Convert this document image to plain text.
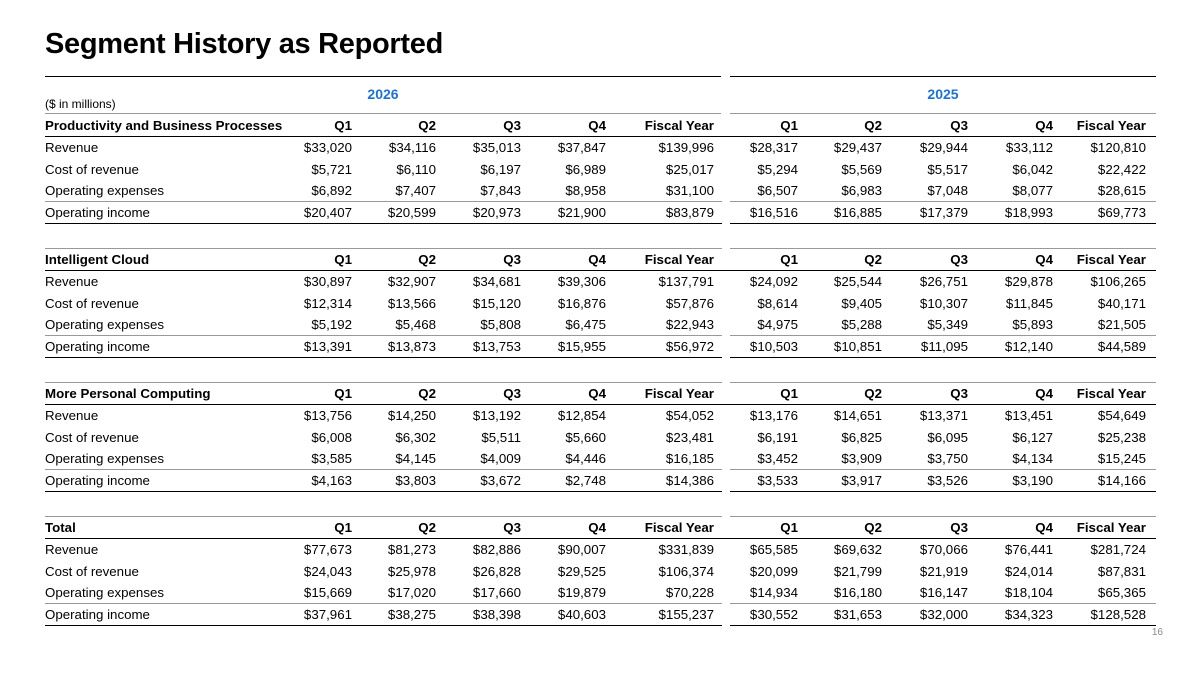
Segment History as Reported
($ in millions)
2026	2025
Productivity and Business Processes	Q1	Q2	Q3	Q4	Fiscal Year	Q1	Q2	Q3	Q4	Fiscal Year
Revenue	$33,020	$34,116	$35,013	$37,847	$139,996	$28,317	$29,437	$29,944	$33,112	$120,810
Cost of revenue	$5,721	$6,110	$6,197	$6,989	$25,017	$5,294	$5,569	$5,517	$6,042	$22,422
Operating expenses	$6,892	$7,407	$7,843	$8,958	$31,100	$6,507	$6,983	$7,048	$8,077	$28,615
Operating income	$20,407	$20,599	$20,973	$21,900	$83,879	$16,516	$16,885	$17,379	$18,993	$69,773
Intelligent Cloud	Q1	Q2	Q3	Q4	Fiscal Year	Q1	Q2	Q3	Q4	Fiscal Year
Revenue	$30,897	$32,907	$34,681	$39,306	$137,791	$24,092	$25,544	$26,751	$29,878	$106,265
Cost of revenue	$12,314	$13,566	$15,120	$16,876	$57,876	$8,614	$9,405	$10,307	$11,845	$40,171
Operating expenses	$5,192	$5,468	$5,808	$6,475	$22,943	$4,975	$5,288	$5,349	$5,893	$21,505
Operating income	$13,391	$13,873	$13,753	$15,955	$56,972	$10,503	$10,851	$11,095	$12,140	$44,589
More Personal Computing	Q1	Q2	Q3	Q4	Fiscal Year	Q1	Q2	Q3	Q4	Fiscal Year
Revenue	$13,756	$14,250	$13,192	$12,854	$54,052	$13,176	$14,651	$13,371	$13,451	$54,649
Cost of revenue	$6,008	$6,302	$5,511	$5,660	$23,481	$6,191	$6,825	$6,095	$6,127	$25,238
Operating expenses	$3,585	$4,145	$4,009	$4,446	$16,185	$3,452	$3,909	$3,750	$4,134	$15,245
Operating income	$4,163	$3,803	$3,672	$2,748	$14,386	$3,533	$3,917	$3,526	$3,190	$14,166
Total	Q1	Q2	Q3	Q4	Fiscal Year	Q1	Q2	Q3	Q4	Fiscal Year
Revenue	$77,673	$81,273	$82,886	$90,007	$331,839	$65,585	$69,632	$70,066	$76,441	$281,724
Cost of revenue	$24,043	$25,978	$26,828	$29,525	$106,374	$20,099	$21,799	$21,919	$24,014	$87,831
Operating expenses	$15,669	$17,020	$17,660	$19,879	$70,228	$14,934	$16,180	$16,147	$18,104	$65,365
Operating income	$37,961	$38,275	$38,398	$40,603	$155,237	$30,552	$31,653	$32,000	$34,323	$128,528
16
